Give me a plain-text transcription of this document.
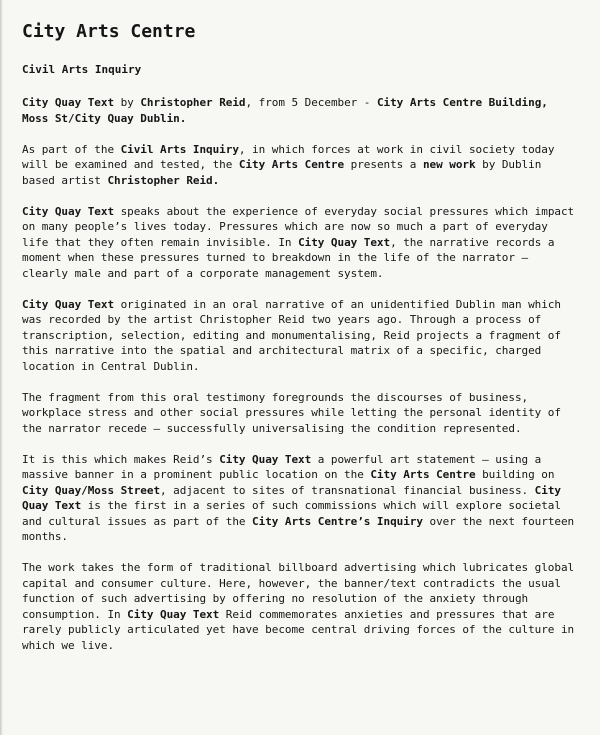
City Arts Centre
Civil Arts Inquiry

City Quay Text by Christopher Reid, from 5 December - City Arts Centre Building, Moss St/City Quay Dublin.

As part of the Civil Arts Inquiry, in which forces at work in civil society today will be examined and tested, the City Arts Centre presents a new work by Dublin based artist Christopher Reid.

City Quay Text speaks about the experience of everyday social pressures which impact on many people’s lives today. Pressures which are now so much a part of everyday life that they often remain invisible. In City Quay Text, the narrative records a moment when these pressures turned to breakdown in the life of the narrator – clearly male and part of a corporate management system.

City Quay Text originated in an oral narrative of an unidentified Dublin man which was recorded by the artist Christopher Reid two years ago. Through a process of transcription, selection, editing and monumentalising, Reid projects a fragment of this narrative into the spatial and architectural matrix of a specific, charged location in Central Dublin.

The fragment from this oral testimony foregrounds the discourses of business, workplace stress and other social pressures while letting the personal identity of the narrator recede – successfully universalising the condition represented.

It is this which makes Reid’s City Quay Text a powerful art statement – using a massive banner in a prominent public location on the City Arts Centre building on City Quay/Moss Street, adjacent to sites of transnational financial business. City Quay Text is the first in a series of such commissions which will explore societal and cultural issues as part of the City Arts Centre’s Inquiry over the next fourteen months.

The work takes the form of traditional billboard advertising which lubricates global capital and consumer culture. Here, however, the banner/text contradicts the usual function of such advertising by offering no resolution of the anxiety through consumption. In City Quay Text Reid commemorates anxieties and pressures that are rarely publicly articulated yet have become central driving forces of the culture in which we live.
